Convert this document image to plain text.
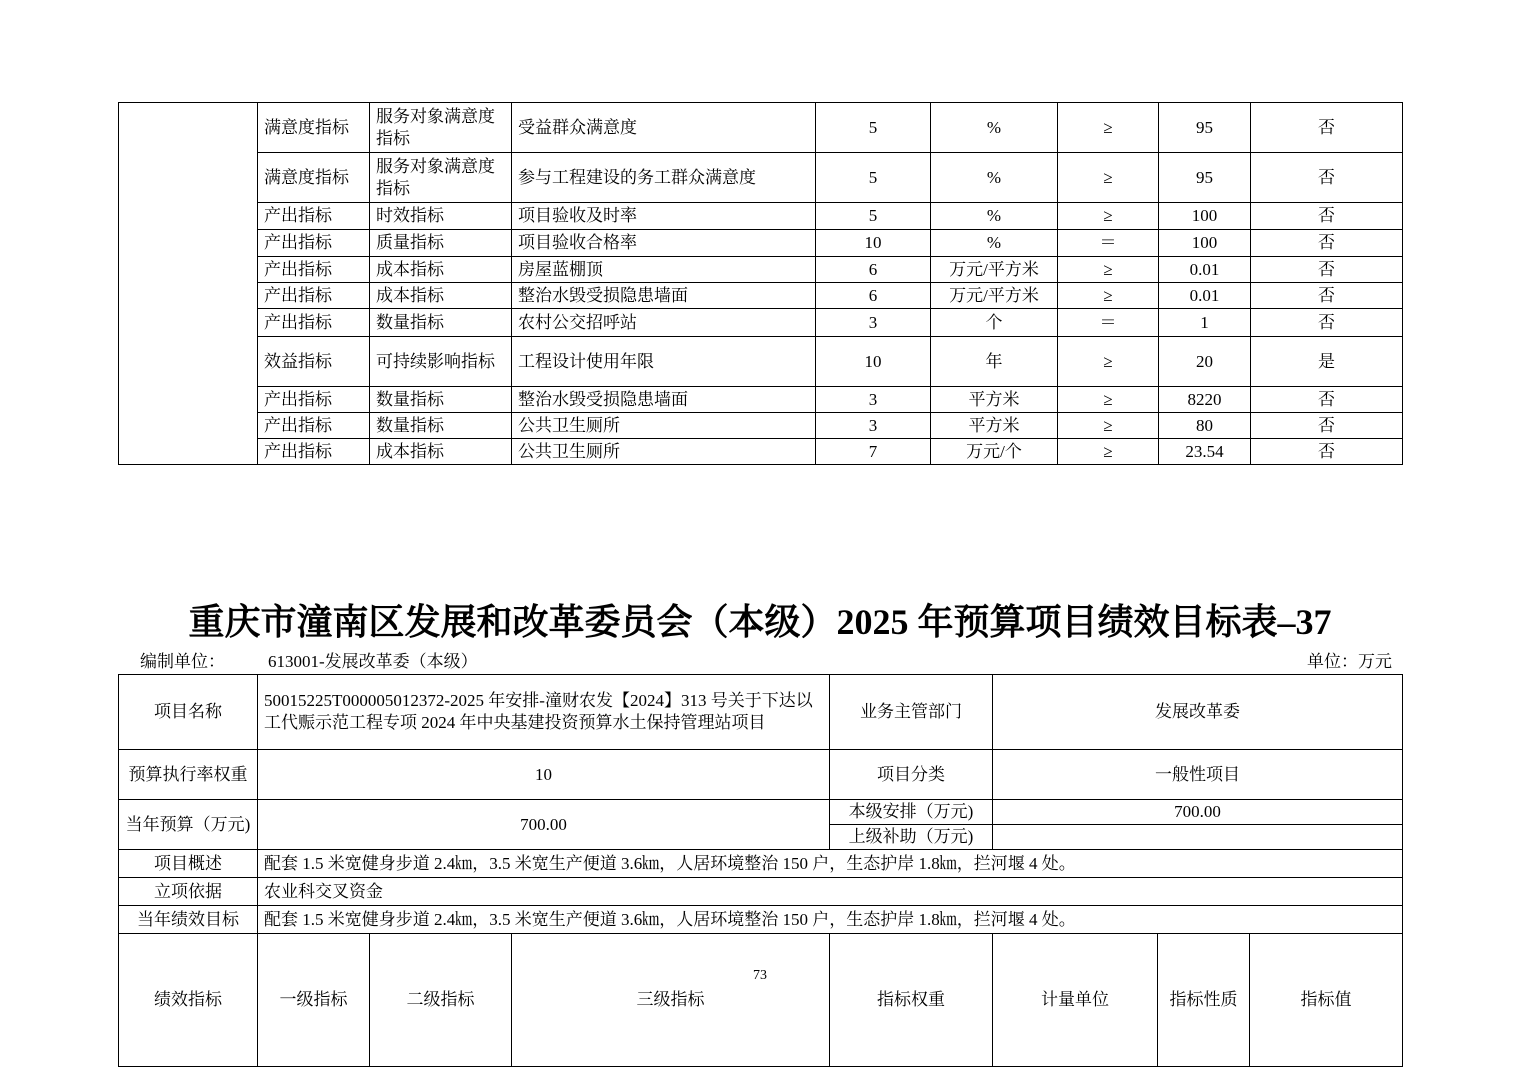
	满意度指标	服务对象满意度指标	受益群众满意度	5	%	≥	95	否
	满意度指标	服务对象满意度指标	参与工程建设的务工群众满意度	5	%	≥	95	否
	产出指标	时效指标	项目验收及时率	5	%	≥	100	否
	产出指标	质量指标	项目验收合格率	10	%	＝	100	否
	产出指标	成本指标	房屋蓝棚顶	6	万元/平方米	≥	0.01	否
	产出指标	成本指标	整治水毁受损隐患墙面	6	万元/平方米	≥	0.01	否
	产出指标	数量指标	农村公交招呼站	3	个	＝	1	否
	效益指标	可持续影响指标	工程设计使用年限	10	年	≥	20	是
	产出指标	数量指标	整治水毁受损隐患墙面	3	平方米	≥	8220	否
	产出指标	数量指标	公共卫生厕所	3	平方米	≥	80	否
	产出指标	成本指标	公共卫生厕所	7	万元/个	≥	23.54	否
重庆市潼南区发展和改革委员会（本级）2025 年预算项目绩效目标表–37
编制单位：	613001-发展改革委（本级）	单位：万元
项目名称	50015225T000005012372-2025 年安排-潼财农发【2024】313 号关于下达以工代赈示范工程专项 2024 年中央基建投资预算水土保持管理站项目			业务主管部门	发展改革委			
预算执行率权重	10			项目分类	一般性项目			
当年预算（万元)	700.00			本级安排（万元)	700.00			
				上级补助（万元)				
项目概述	配套 1.5 米宽健身步道 2.4㎞，3.5 米宽生产便道 3.6㎞，人居环境整治 150 户，生态护岸 1.8㎞，拦河堰 4 处。							
立项依据	农业科交叉资金							
当年绩效目标	配套 1.5 米宽健身步道 2.4㎞，3.5 米宽生产便道 3.6㎞，人居环境整治 150 户，生态护岸 1.8㎞，拦河堰 4 处。							
绩效指标	一级指标	二级指标	三级指标	指标权重	计量单位	指标性质	指标值	
73
